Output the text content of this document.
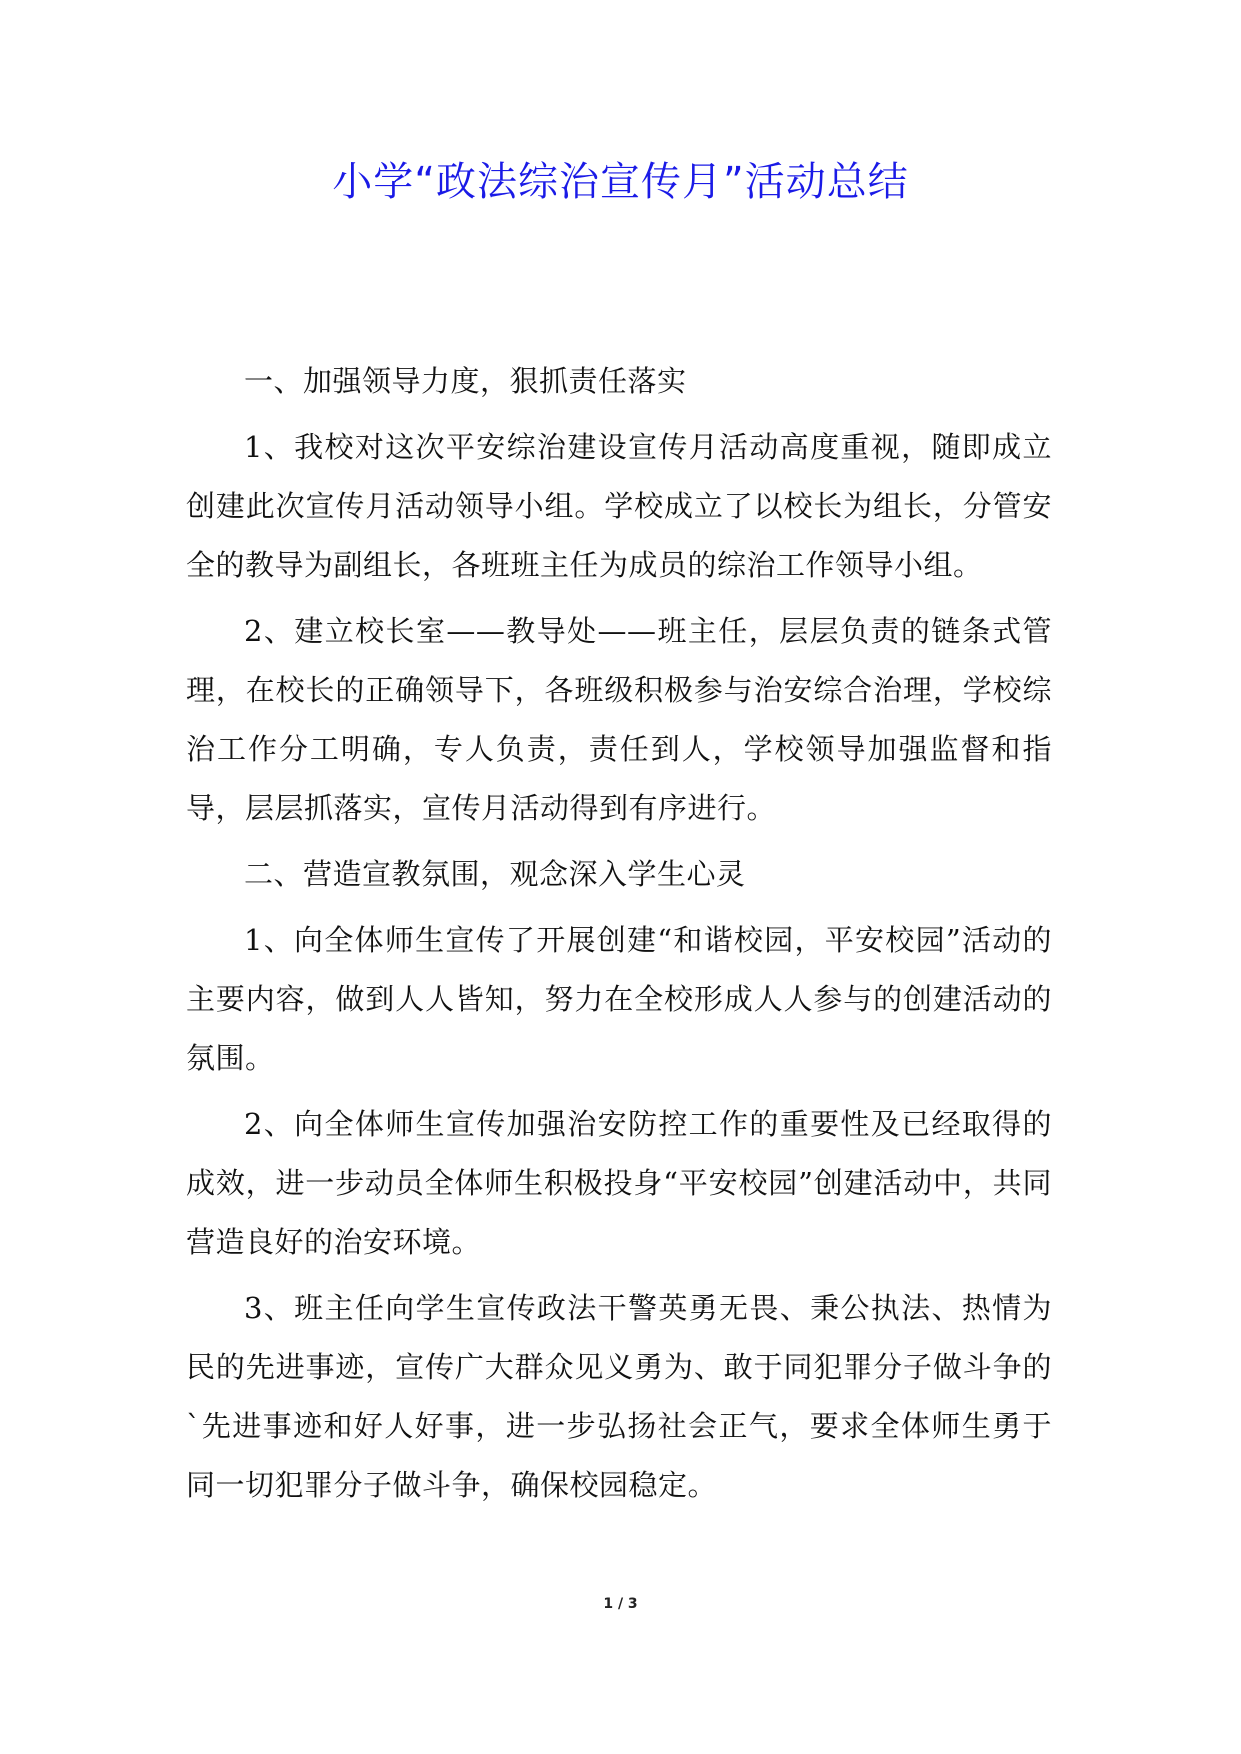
小学“政法综治宣传月”活动总结

一、加强领导力度，狠抓责任落实

1、我校对这次平安综治建设宣传月活动高度重视，随即成立创建此次宣传月活动领导小组。学校成立了以校长为组长，分管安全的教导为副组长，各班班主任为成员的综治工作领导小组。

2、建立校长室——教导处——班主任，层层负责的链条式管理，在校长的正确领导下，各班级积极参与治安综合治理，学校综治工作分工明确，专人负责，责任到人，学校领导加强监督和指导，层层抓落实，宣传月活动得到有序进行。

二、营造宣教氛围，观念深入学生心灵

1、向全体师生宣传了开展创建“和谐校园，平安校园”活动的主要内容，做到人人皆知，努力在全校形成人人参与的创建活动的氛围。

2、向全体师生宣传加强治安防控工作的重要性及已经取得的成效，进一步动员全体师生积极投身“平安校园”创建活动中，共同营造良好的治安环境。

3、班主任向学生宣传政法干警英勇无畏、秉公执法、热情为民的先进事迹，宣传广大群众见义勇为、敢于同犯罪分子做斗争的`先进事迹和好人好事，进一步弘扬社会正气，要求全体师生勇于同一切犯罪分子做斗争，确保校园稳定。

1 / 3
